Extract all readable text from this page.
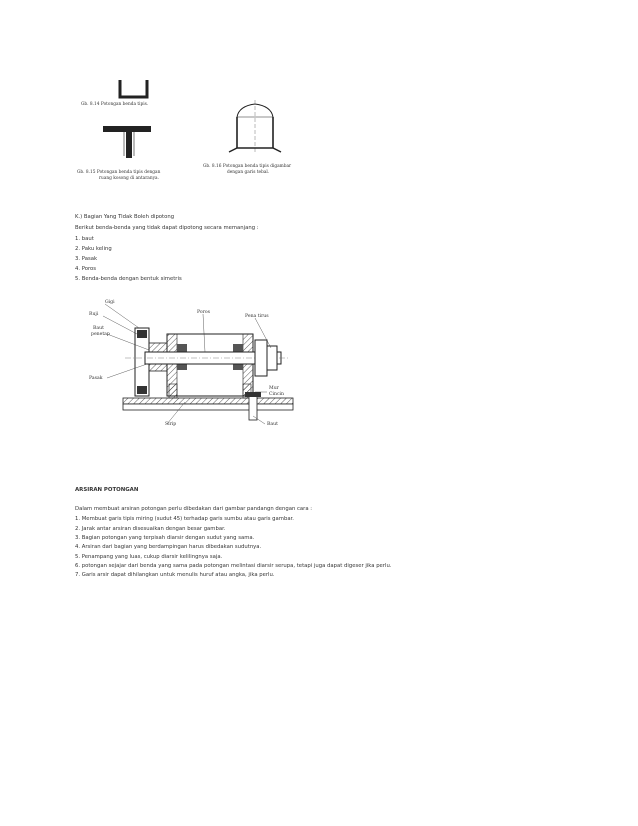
Gb. 8.14 Potongan benda tipis.
Gb. 8.15 Potongan benda tipis dengan
ruang kosong di antaranya.
Gb. 8.16 Potongan benda tipis digambar
dengan garis tebal.
K.) Bagian Yang Tidak Boleh dipotong
Berikut benda-benda yang tidak dapat dipotong secara memanjang :
1. baut
2. Paku keling
3. Pasak
4. Poros
5. Benda-benda dengan bentuk simetris
Gigi
Ruji
Baut
penetap
Pasak
Poros
Pena tirus
Mur
Cincin
Sirip	Baut
ARSIRAN POTONGAN
Dalam membuat arsiran potongan perlu dibedakan dari gambar pandangn dengan cara :
1. Membuat garis tipis miring (sudut 45) terhadap garis sumbu atau garis gambar.
2. Jarak antar arsiran disesuaikan dengan besar gambar.
3. Bagian potongan yang terpisah diarsir dengan sudut yang sama.
4. Arsiran dari bagian yang berdampingan harus dibedakan sudutnya.
5. Penampang yang luas, cukup diarsir kelilingnya saja.
6. potongan sejajar dari benda yang sama pada potongan melintasi diarsir serupa, tetapi juga dapat digeser jika perlu.
7. Garis arsir dapat dihilangkan untuk menulis huruf atau angka, jika perlu.
